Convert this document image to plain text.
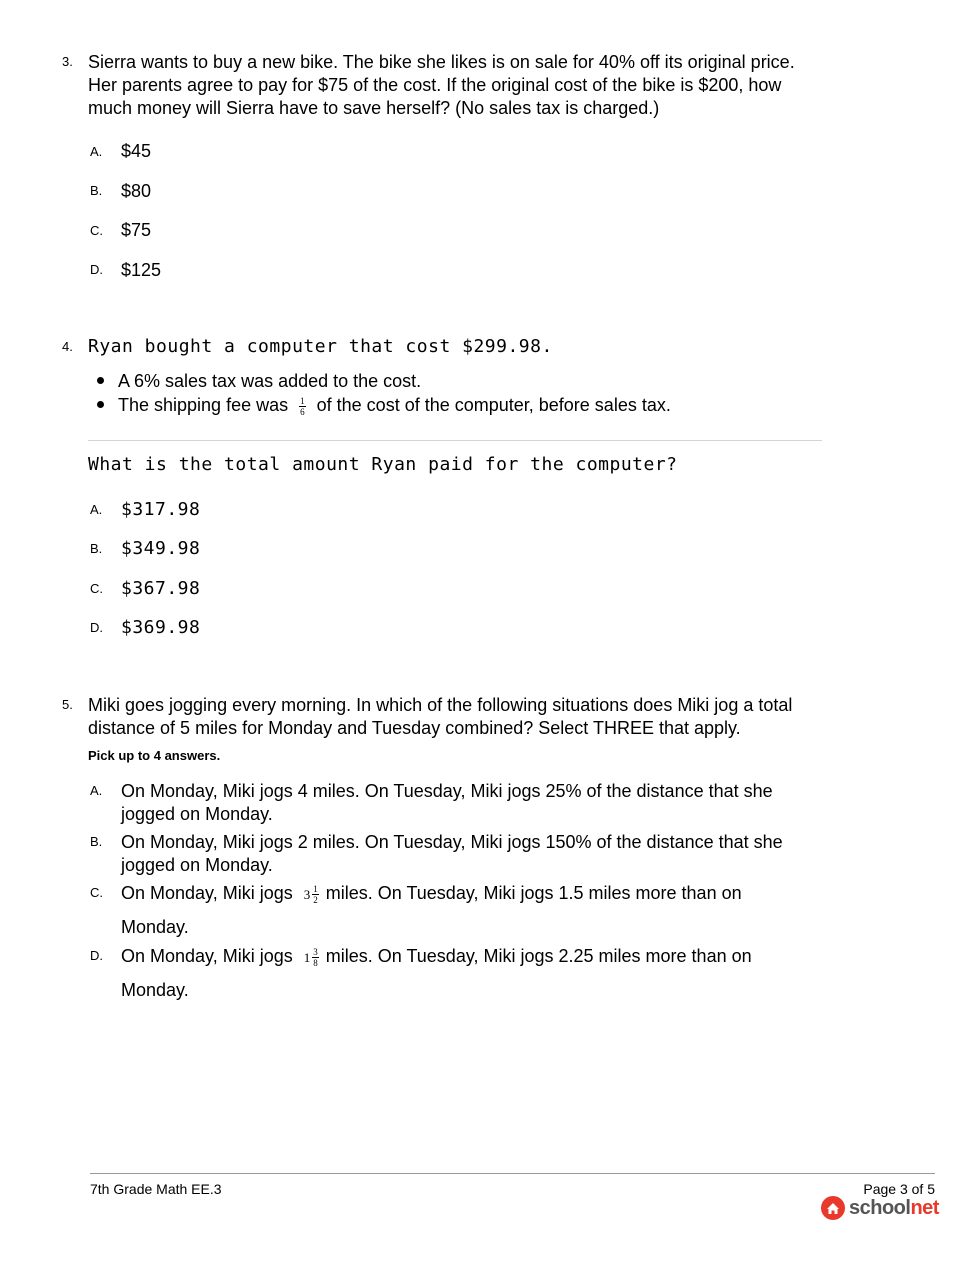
3. Sierra wants to buy a new bike. The bike she likes is on sale for 40% off its original price.
Her parents agree to pay for $75 of the cost. If the original cost of the bike is $200, how
much money will Sierra have to save herself? (No sales tax is charged.)
A. $45
B. $80
C. $75
D. $125
4. Ryan bought a computer that cost $299.98.
A 6% sales tax was added to the cost.
The shipping fee was $\frac{1}{6}$ of the cost of the computer, before sales tax.
What is the total amount Ryan paid for the computer?
A. $317.98
B. $349.98
C. $367.98
D. $369.98
5. Miki goes jogging every morning. In which of the following situations does Miki jog a total
distance of 5 miles for Monday and Tuesday combined? Select THREE that apply.
Pick up to 4 answers.
A. On Monday, Miki jogs 4 miles. On Tuesday, Miki jogs 25% of the distance that she
jogged on Monday.
B. On Monday, Miki jogs 2 miles. On Tuesday, Miki jogs 150% of the distance that she
jogged on Monday.
C. On Monday, Miki jogs $3 \frac{1}{2}$ miles. On Tuesday, Miki jogs 1.5 miles more than on
Monday.
D. On Monday, Miki jogs $1 \frac{3}{8}$ miles. On Tuesday, Miki jogs 2.25 miles more than on
Monday.
7th Grade Math EE.3	Page 3 of 5
schoolnet
